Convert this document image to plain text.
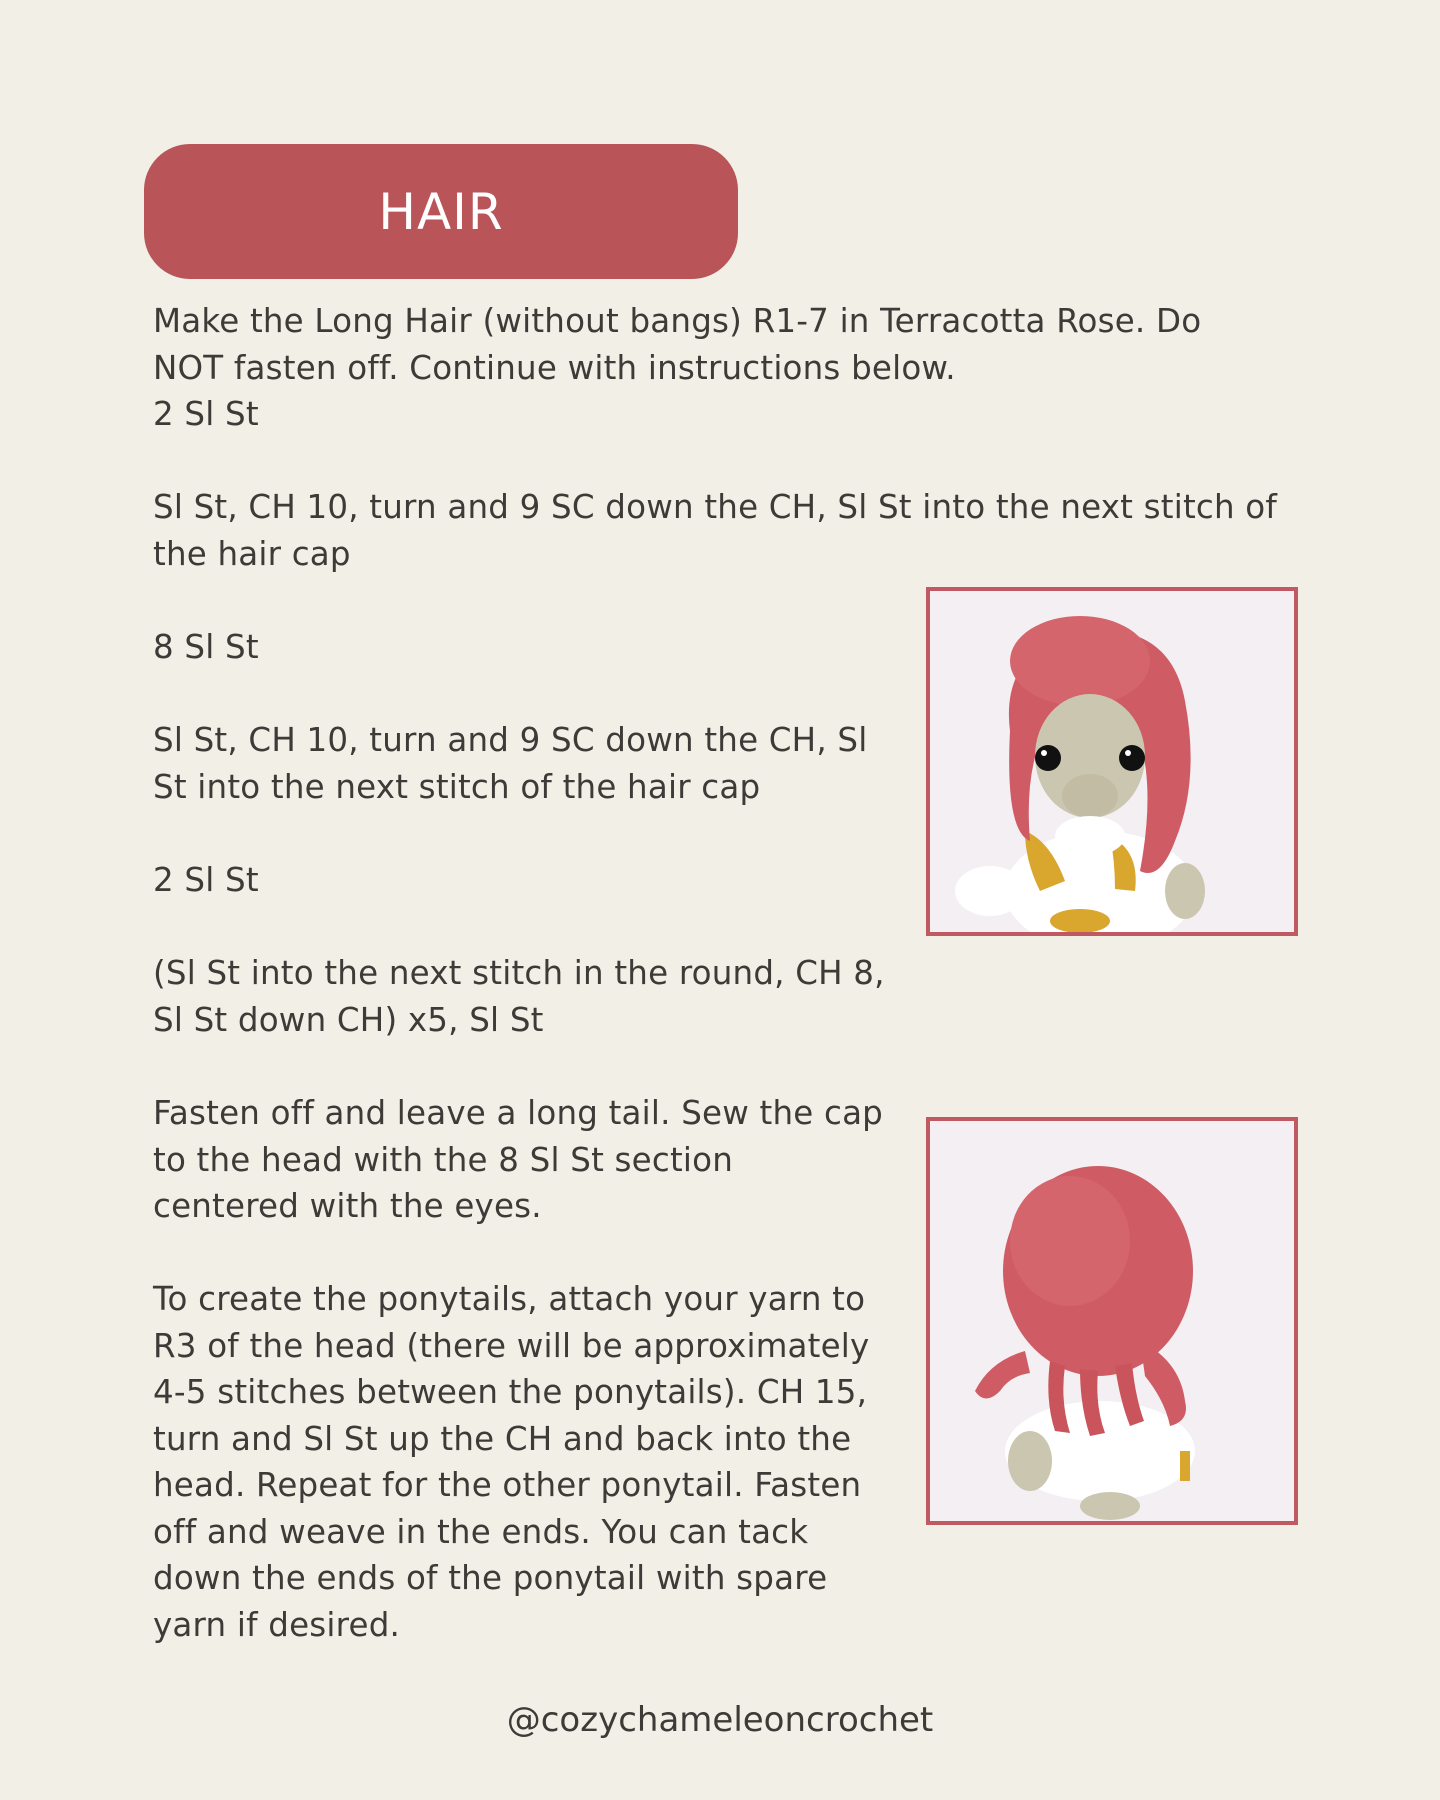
HAIR

Make the Long Hair (without bangs) R1-7 in Terracotta Rose. Do
NOT fasten off. Continue with instructions below.
2 Sl St

Sl St, CH 10, turn and 9 SC down the CH, Sl St into the next stitch of
the hair cap

8 Sl St

Sl St, CH 10, turn and 9 SC down the CH, Sl
St into the next stitch of the hair cap

2 Sl St

(Sl St into the next stitch in the round, CH 8,
Sl St down CH) x5, Sl St

Fasten off and leave a long tail. Sew the cap
to the head with the 8 Sl St section
centered with the eyes.

To create the ponytails, attach your yarn to
R3 of the head (there will be approximately
4-5 stitches between the ponytails). CH 15,
turn and Sl St up the CH and back into the
head. Repeat for the other ponytail. Fasten
off and weave in the ends. You can tack
down the ends of the ponytail with spare
yarn if desired.

@cozychameleoncrochet
